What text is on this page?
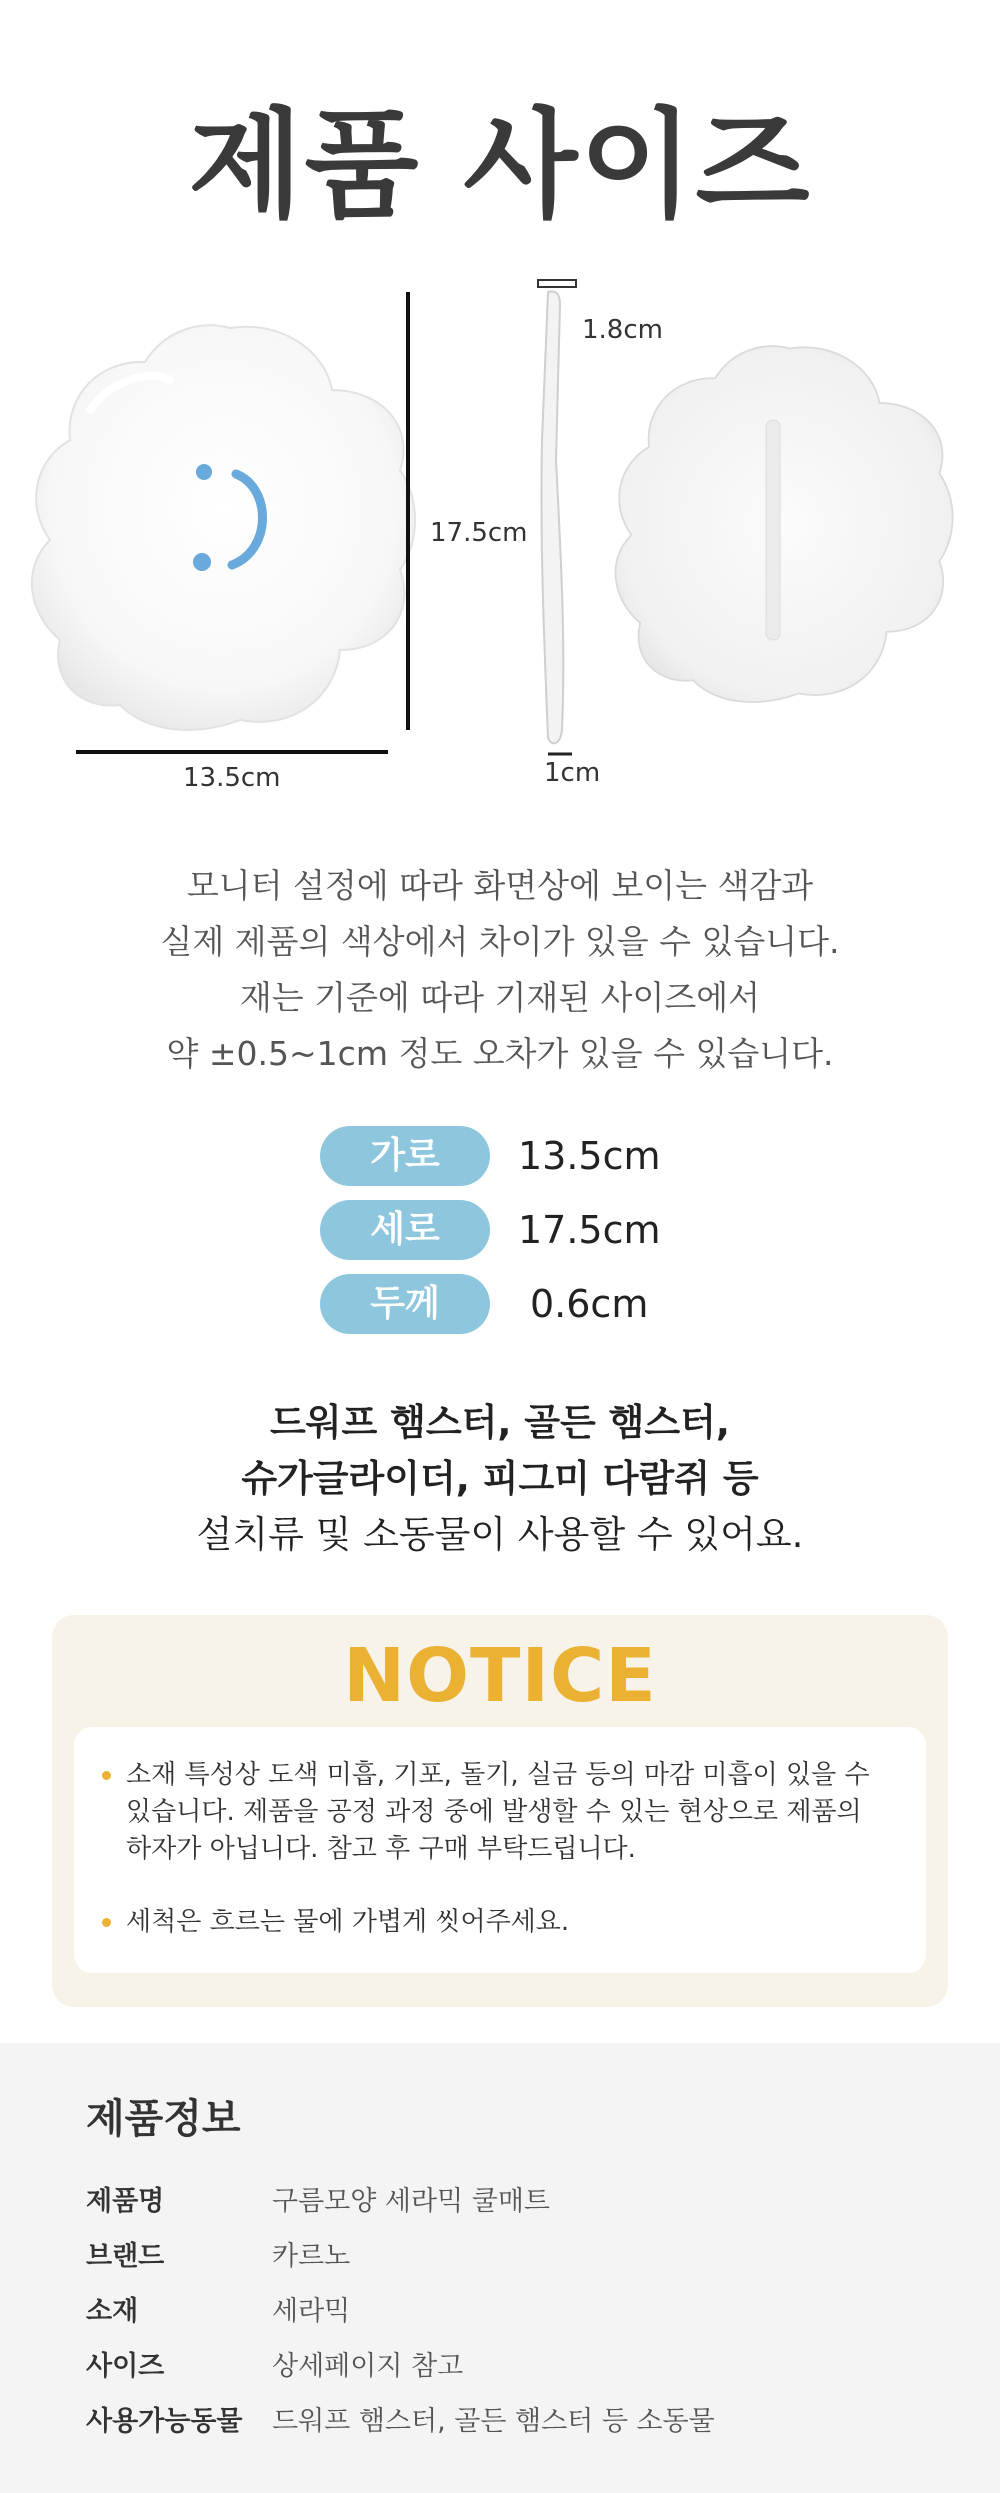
제품 사이즈
1.8cm
17.5cm
13.5cm	1cm
모니터 설정에 따라 화면상에 보이는 색감과
실제 제품의 색상에서 차이가 있을 수 있습니다.
재는 기준에 따라 기재된 사이즈에서
약 ±0.5~1cm 정도 오차가 있을 수 있습니다.
가로	13.5cm
세로	17.5cm
두께	0.6cm
드워프 햄스터, 골든 햄스터,
슈가글라이더, 피그미 다람쥐 등
설치류 및 소동물이 사용할 수 있어요.
NOTICE
소재 특성상 도색 미흡, 기포, 돌기, 실금 등의 마감 미흡이 있을 수
있습니다. 제품을 공정 과정 중에 발생할 수 있는 현상으로 제품의
하자가 아닙니다. 참고 후 구매 부탁드립니다.
세척은 흐르는 물에 가볍게 씻어주세요.
제품정보
제품명	구름모양 세라믹 쿨매트
브랜드	카르노
소재	세라믹
사이즈	상세페이지 참고
사용가능동물	드워프 햄스터, 골든 햄스터 등 소동물
